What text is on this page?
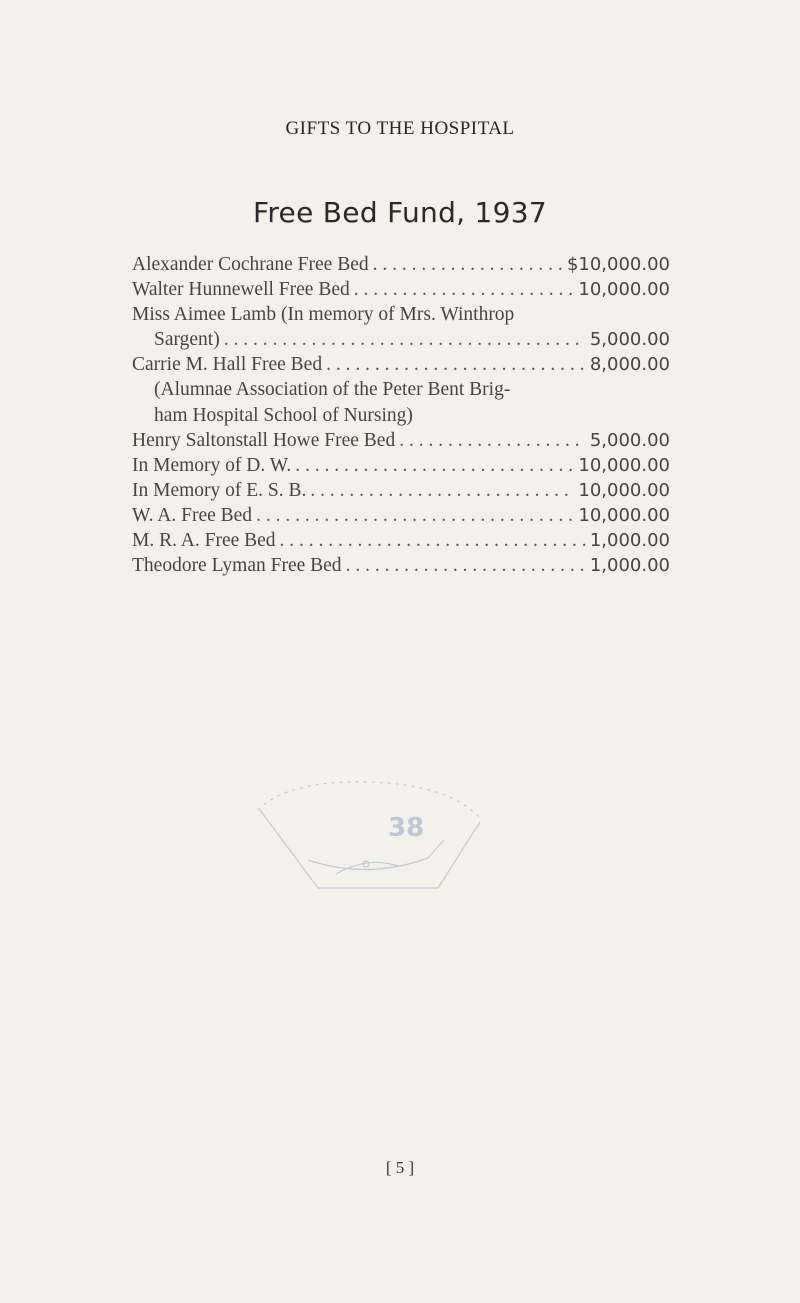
GIFTS TO THE HOSPITAL
Free Bed Fund, 1937
Alexander Cochrane Free Bed . . .	$10,000.00
Walter Hunnewell Free Bed . . .	10,000.00
Miss Aimee Lamb (In memory of Mrs. Winthrop
Sargent) . . .	5,000.00
Carrie M. Hall Free Bed . . .	8,000.00
(Alumnae Association of the Peter Bent Brig-
ham Hospital School of Nursing)
Henry Saltonstall Howe Free Bed . . .	5,000.00
In Memory of D. W. . . .	10,000.00
In Memory of E. S. B. . . .	10,000.00
W. A. Free Bed . . .	10,000.00
M. R. A. Free Bed . . .	1,000.00
Theodore Lyman Free Bed . . .	1,000.00
38
[ 5 ]
